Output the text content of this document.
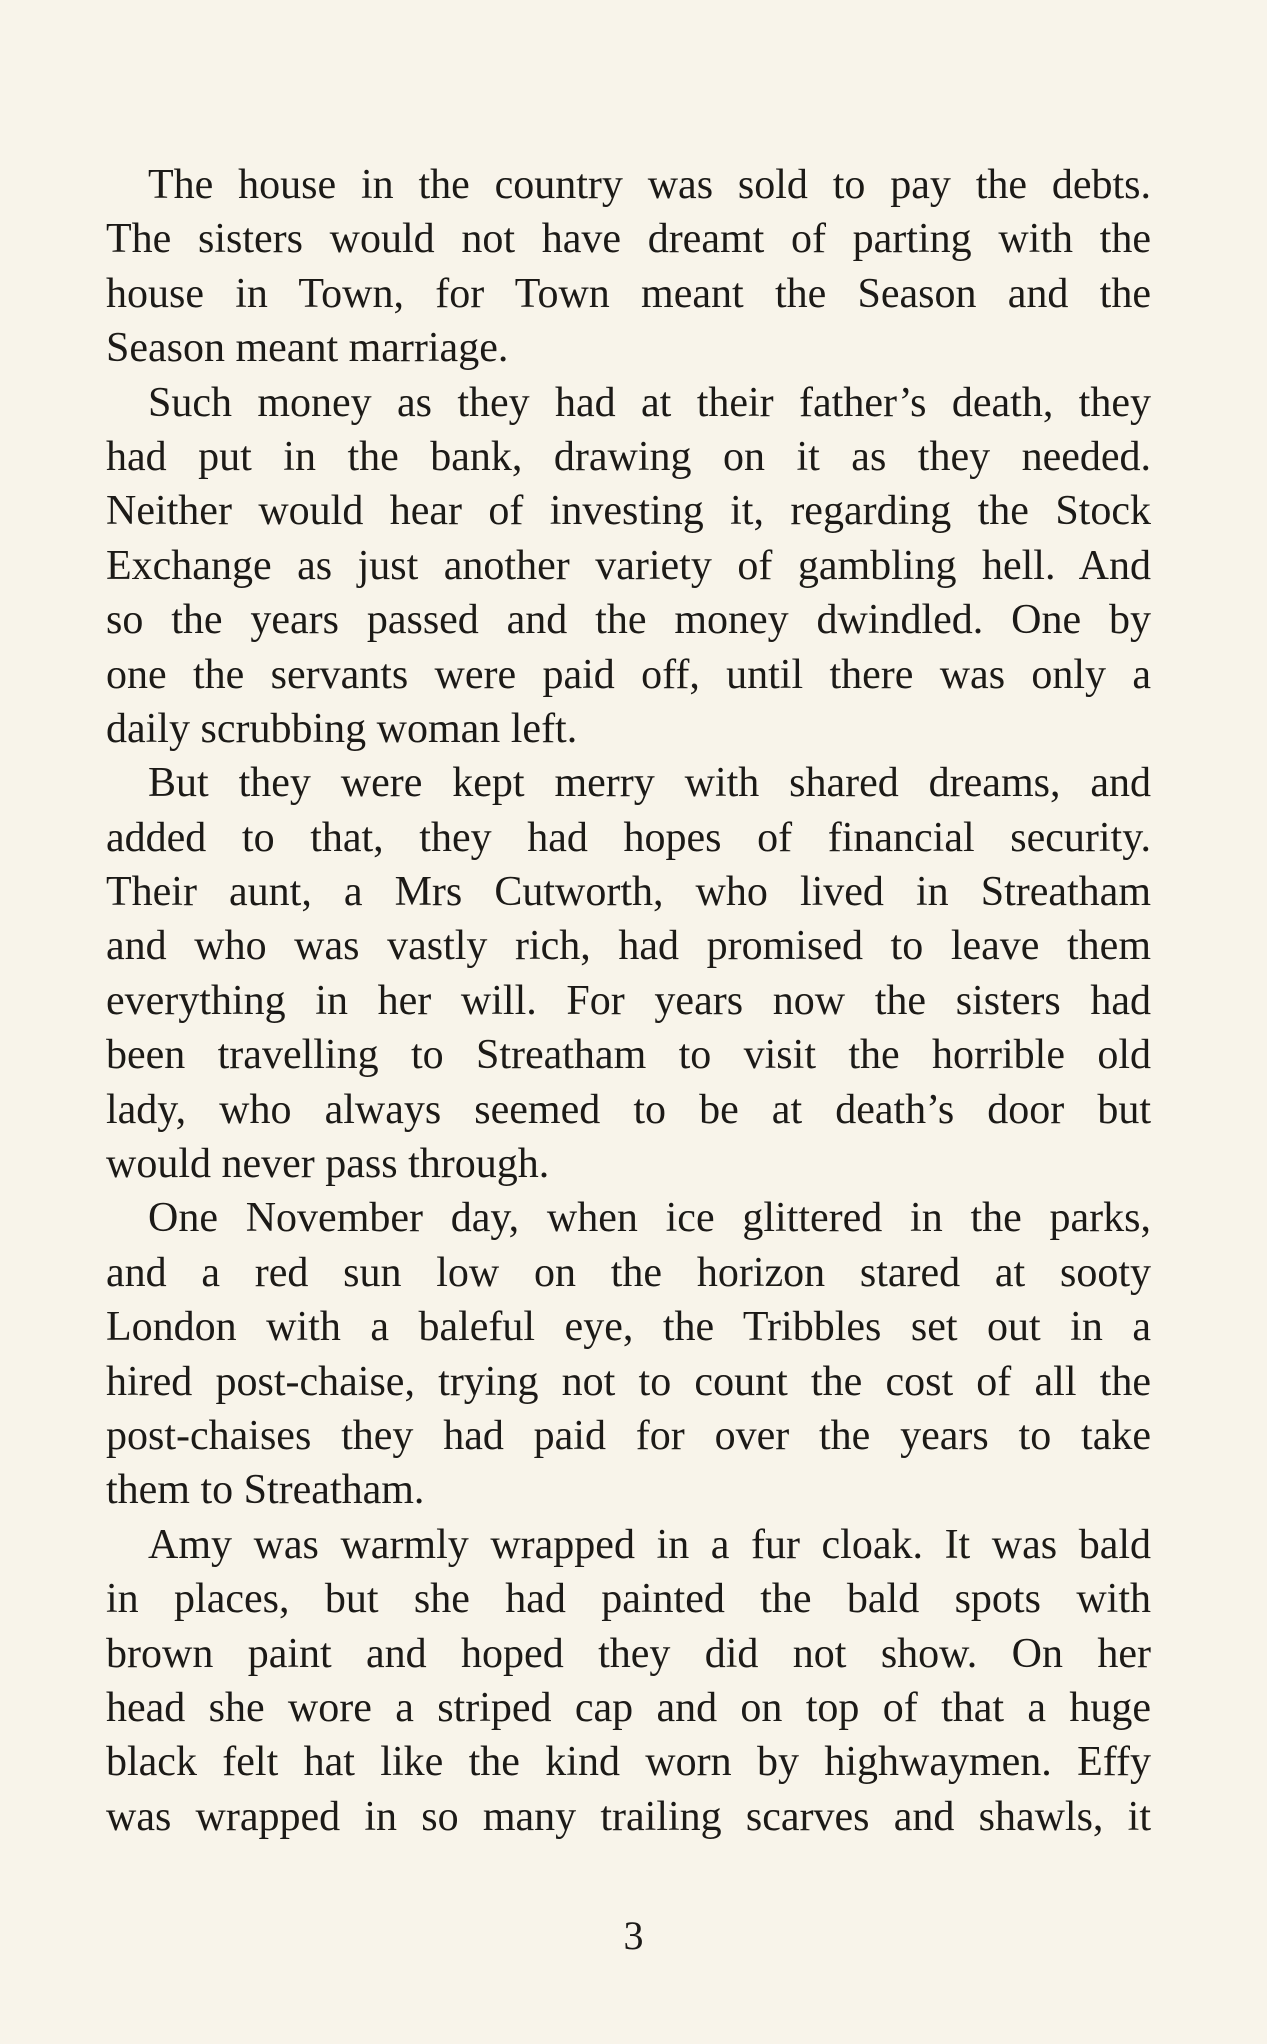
The house in the country was sold to pay the debts.
The sisters would not have dreamt of parting with the
house in Town, for Town meant the Season and the
Season meant marriage.
Such money as they had at their father’s death, they
had put in the bank, drawing on it as they needed.
Neither would hear of investing it, regarding the Stock
Exchange as just another variety of gambling hell. And
so the years passed and the money dwindled. One by
one the servants were paid off, until there was only a
daily scrubbing woman left.
But they were kept merry with shared dreams, and
added to that, they had hopes of financial security.
Their aunt, a Mrs Cutworth, who lived in Streatham
and who was vastly rich, had promised to leave them
everything in her will. For years now the sisters had
been travelling to Streatham to visit the horrible old
lady, who always seemed to be at death’s door but
would never pass through.
One November day, when ice glittered in the parks,
and a red sun low on the horizon stared at sooty
London with a baleful eye, the Tribbles set out in a
hired post-chaise, trying not to count the cost of all the
post-chaises they had paid for over the years to take
them to Streatham.
Amy was warmly wrapped in a fur cloak. It was bald
in places, but she had painted the bald spots with
brown paint and hoped they did not show. On her
head she wore a striped cap and on top of that a huge
black felt hat like the kind worn by highwaymen. Effy
was wrapped in so many trailing scarves and shawls, it
3
